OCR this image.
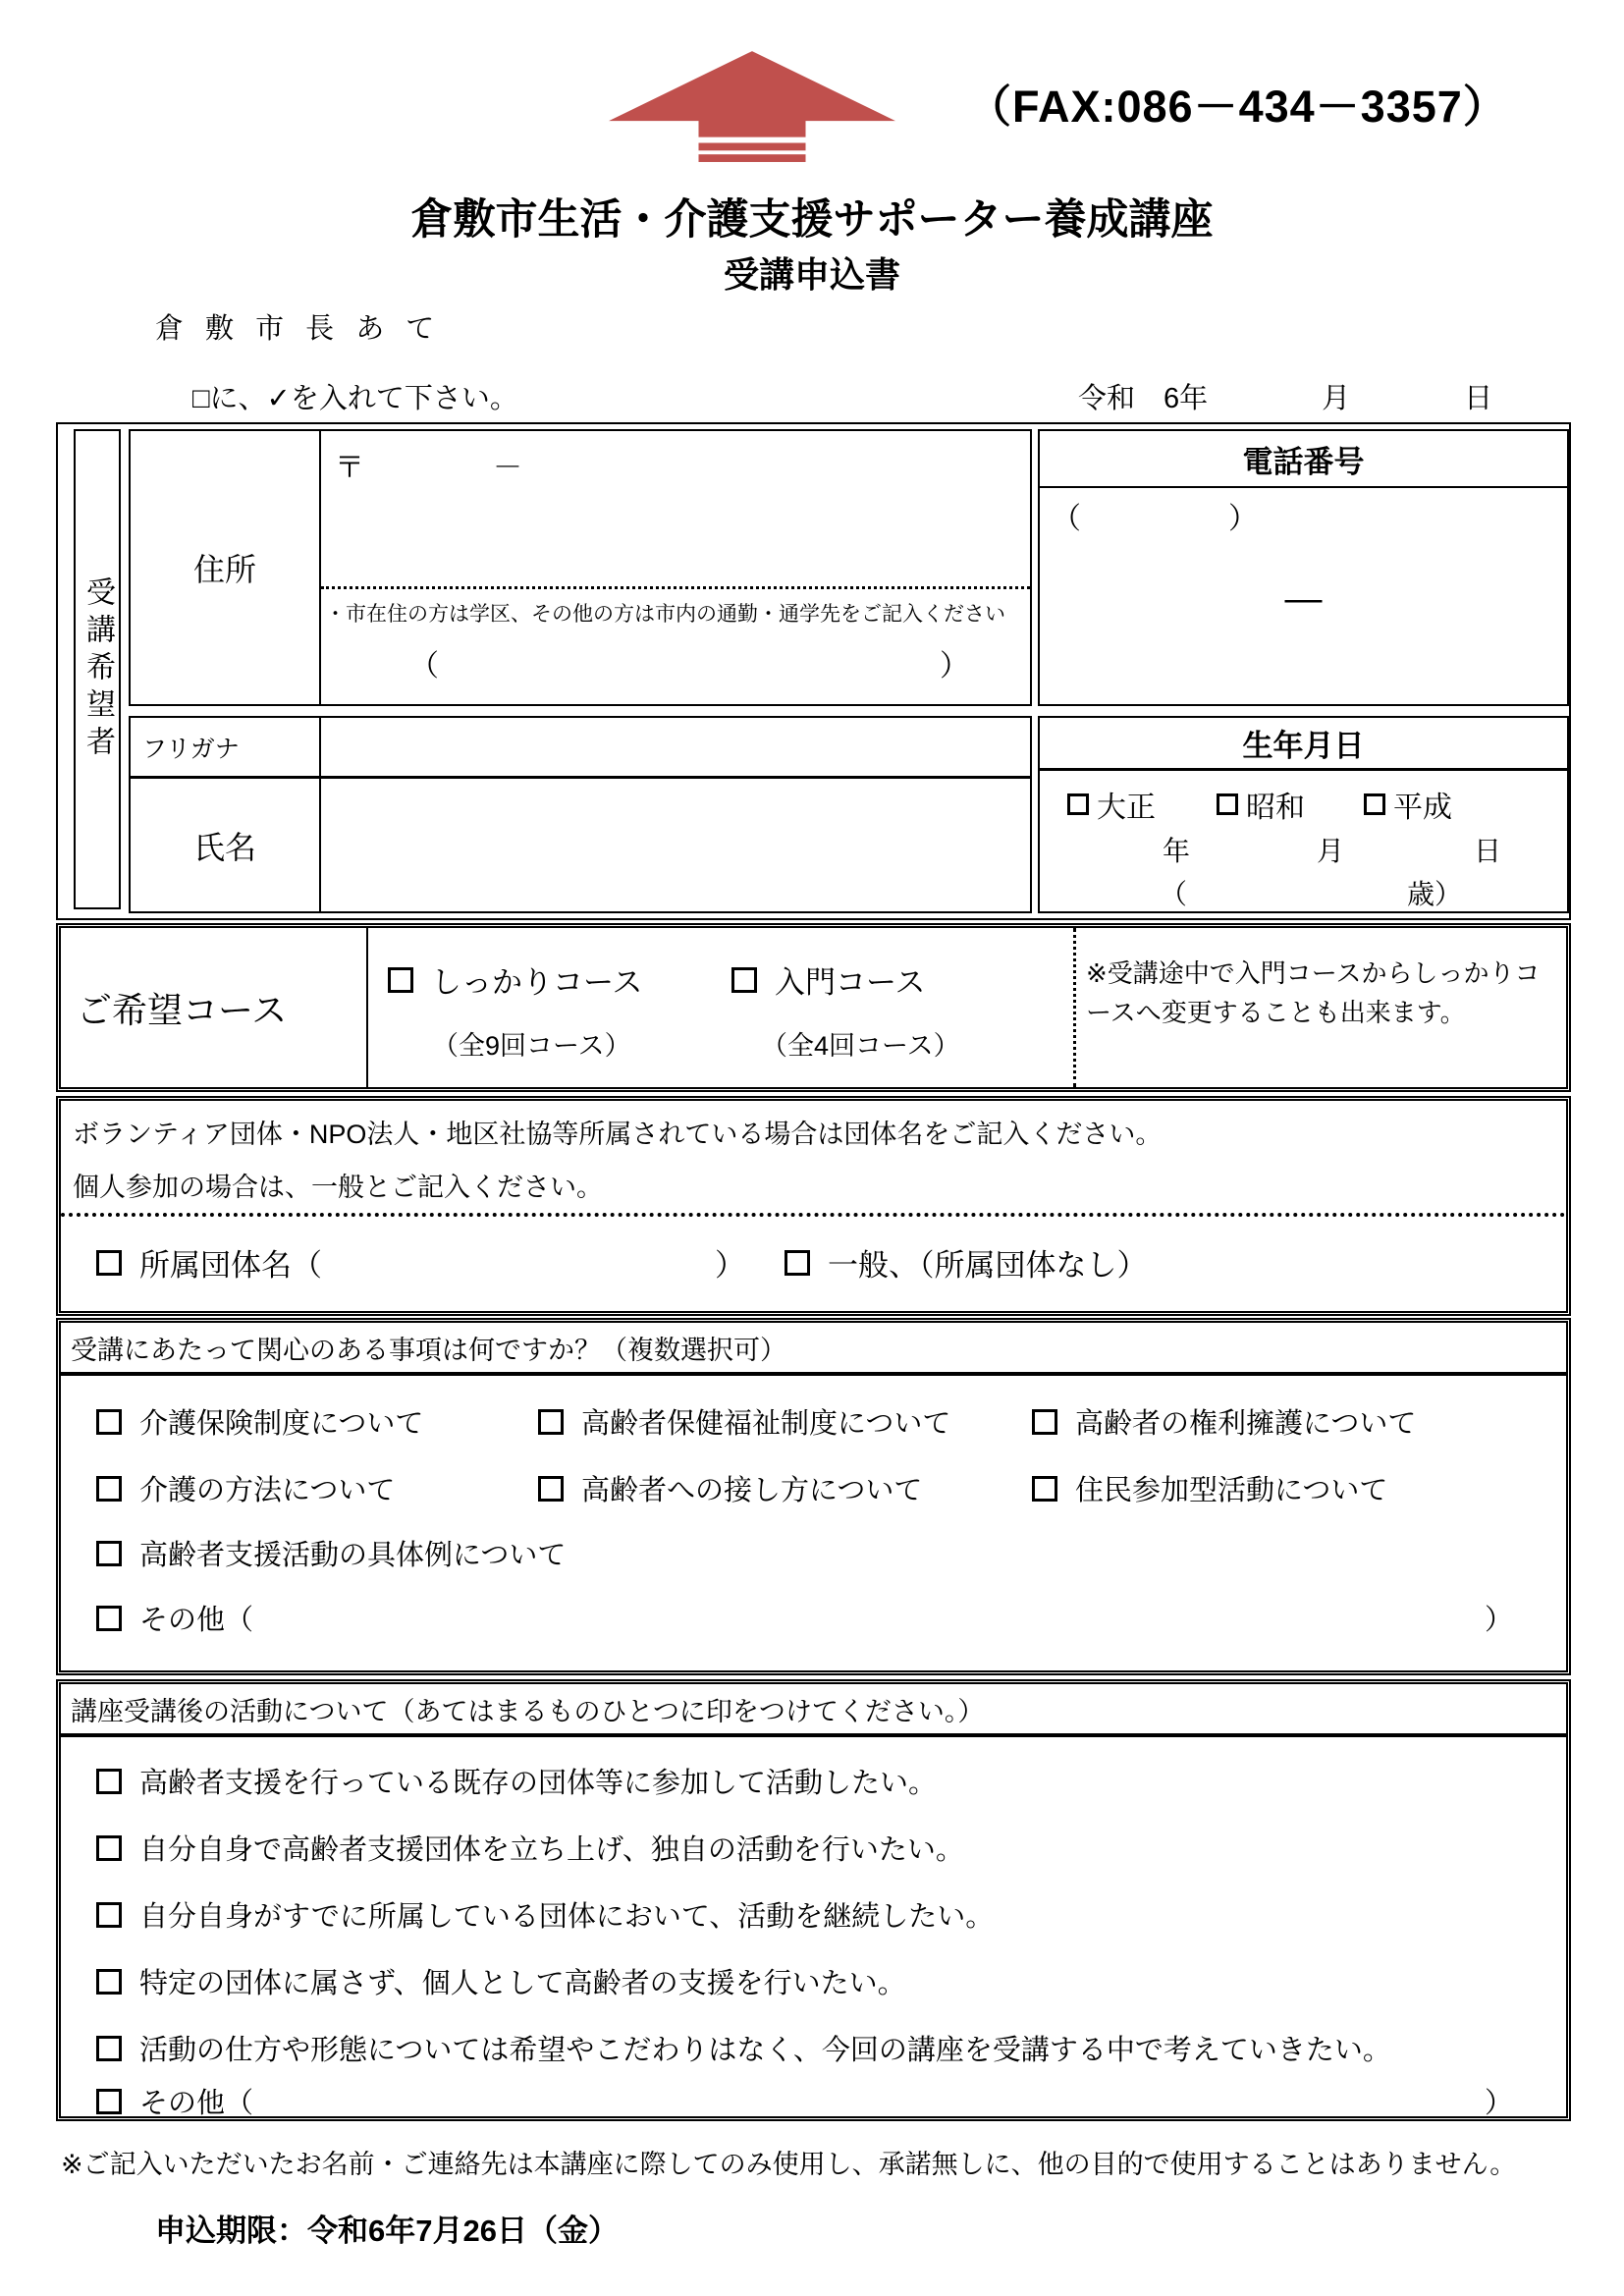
（FAX:086－434－3357）
倉敷市生活・介護支援サポーター養成講座
受講申込書
倉 敷 市 長 あ て
□に、✓を入れて下さい。	令和　6年　　　　月　　　　日
受講希望者
住所
〒	－
・市在住の方は学区、その他の方は市内の通勤・通学先をご記入ください
（　　　　　　　　　　　　　　　　　）
電話番号
（　　　　　）
―
フリガナ
氏名
生年月日
大正	昭和	平成
年	月	日
（　　　　　　　　歳）
ご希望コース
しっかりコース
（全9回コース）
入門コース
（全4回コース）
※受講途中で入門コースからしっかりコースへ変更することも出来ます。
ボランティア団体・NPO法人・地区社協等所属されている場合は団体名をご記入ください。
個人参加の場合は、一般とご記入ください。
所属団体名（	）	一般、（所属団体なし）
受講にあたって関心のある事項は何ですか？（複数選択可）
介護保険制度について	高齢者保健福祉制度について	高齢者の権利擁護について
介護の方法について	高齢者への接し方について	住民参加型活動について
高齢者支援活動の具体例について
その他（	）
講座受講後の活動について（あてはまるものひとつに印をつけてください。）
高齢者支援を行っている既存の団体等に参加して活動したい。
自分自身で高齢者支援団体を立ち上げ、独自の活動を行いたい。
自分自身がすでに所属している団体において、活動を継続したい。
特定の団体に属さず、個人として高齢者の支援を行いたい。
活動の仕方や形態については希望やこだわりはなく、今回の講座を受講する中で考えていきたい。
その他（	）
※ご記入いただいたお名前・ご連絡先は本講座に際してのみ使用し、承諾無しに、他の目的で使用することはありません。
申込期限：令和6年7月26日（金）
